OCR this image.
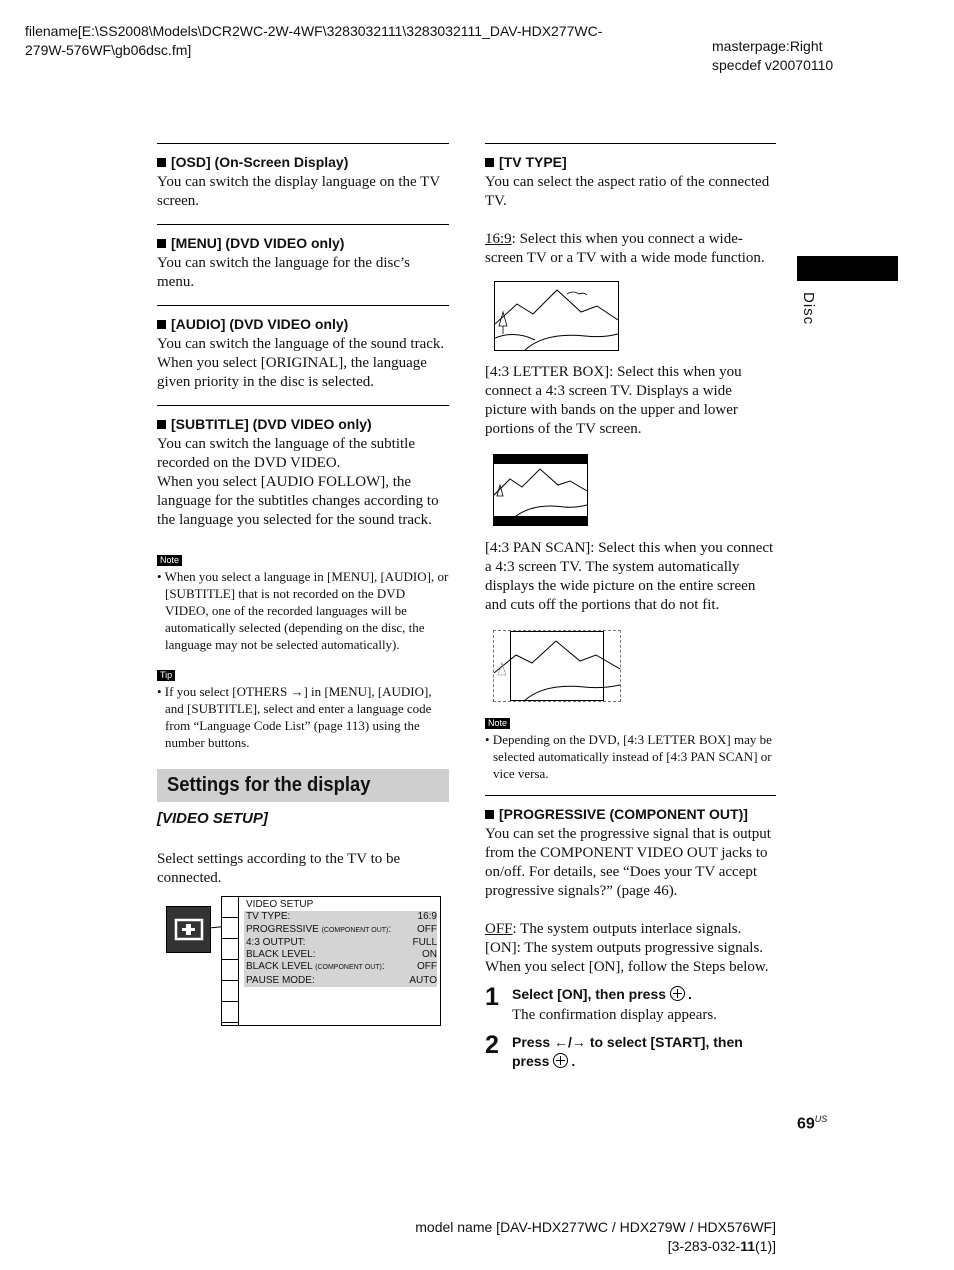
filename[E:\SS2008\Models\DCR2WC-2W-4WF\3283032111\3283032111_DAV-HDX277WC-
279W-576WF\gb06dsc.fm]	masterpage:Right
specdef v20070110
[OSD] (On-Screen Display)
You can switch the display language on the TV screen.
[MENU] (DVD VIDEO only)
You can switch the language for the disc’s menu.
[AUDIO] (DVD VIDEO only)
You can switch the language of the sound track. When you select [ORIGINAL], the language given priority in the disc is selected.
[SUBTITLE] (DVD VIDEO only)
You can switch the language of the subtitle recorded on the DVD VIDEO.
When you select [AUDIO FOLLOW], the language for the subtitles changes according to the language you selected for the sound track.
Note
• When you select a language in [MENU], [AUDIO], or [SUBTITLE] that is not recorded on the DVD VIDEO, one of the recorded languages will be automatically selected (depending on the disc, the language may not be selected automatically).
Tip
• If you select [OTHERS →] in [MENU], [AUDIO], and [SUBTITLE], select and enter a language code from “Language Code List” (page 113) using the number buttons.
Settings for the display
[VIDEO SETUP]
Select settings according to the TV to be connected.
VIDEO SETUP
TV TYPE:	16:9
PROGRESSIVE (COMPONENT OUT):	OFF
4:3 OUTPUT:	FULL
BLACK LEVEL:	ON
BLACK LEVEL (COMPONENT OUT):	OFF
PAUSE MODE:	AUTO
[TV TYPE]
You can select the aspect ratio of the connected TV.
16:9: Select this when you connect a wide-screen TV or a TV with a wide mode function.
[4:3 LETTER BOX]: Select this when you connect a 4:3 screen TV. Displays a wide picture with bands on the upper and lower portions of the TV screen.
[4:3 PAN SCAN]: Select this when you connect a 4:3 screen TV. The system automatically displays the wide picture on the entire screen and cuts off the portions that do not fit.
Note
• Depending on the DVD, [4:3 LETTER BOX] may be selected automatically instead of [4:3 PAN SCAN] or vice versa.
[PROGRESSIVE (COMPONENT OUT)]
You can set the progressive signal that is output from the COMPONENT VIDEO OUT jacks to on/off. For details, see “Does your TV accept progressive signals?” (page 46).
OFF: The system outputs interlace signals.
[ON]: The system outputs progressive signals. When you select [ON], follow the Steps below.
1 Select [ON], then press .
The confirmation display appears.
2 Press ←/→ to select [START], then press .
Disc
$69^{US}$
model name [DAV-HDX277WC / HDX279W / HDX576WF]
[3-283-032-11(1)]
